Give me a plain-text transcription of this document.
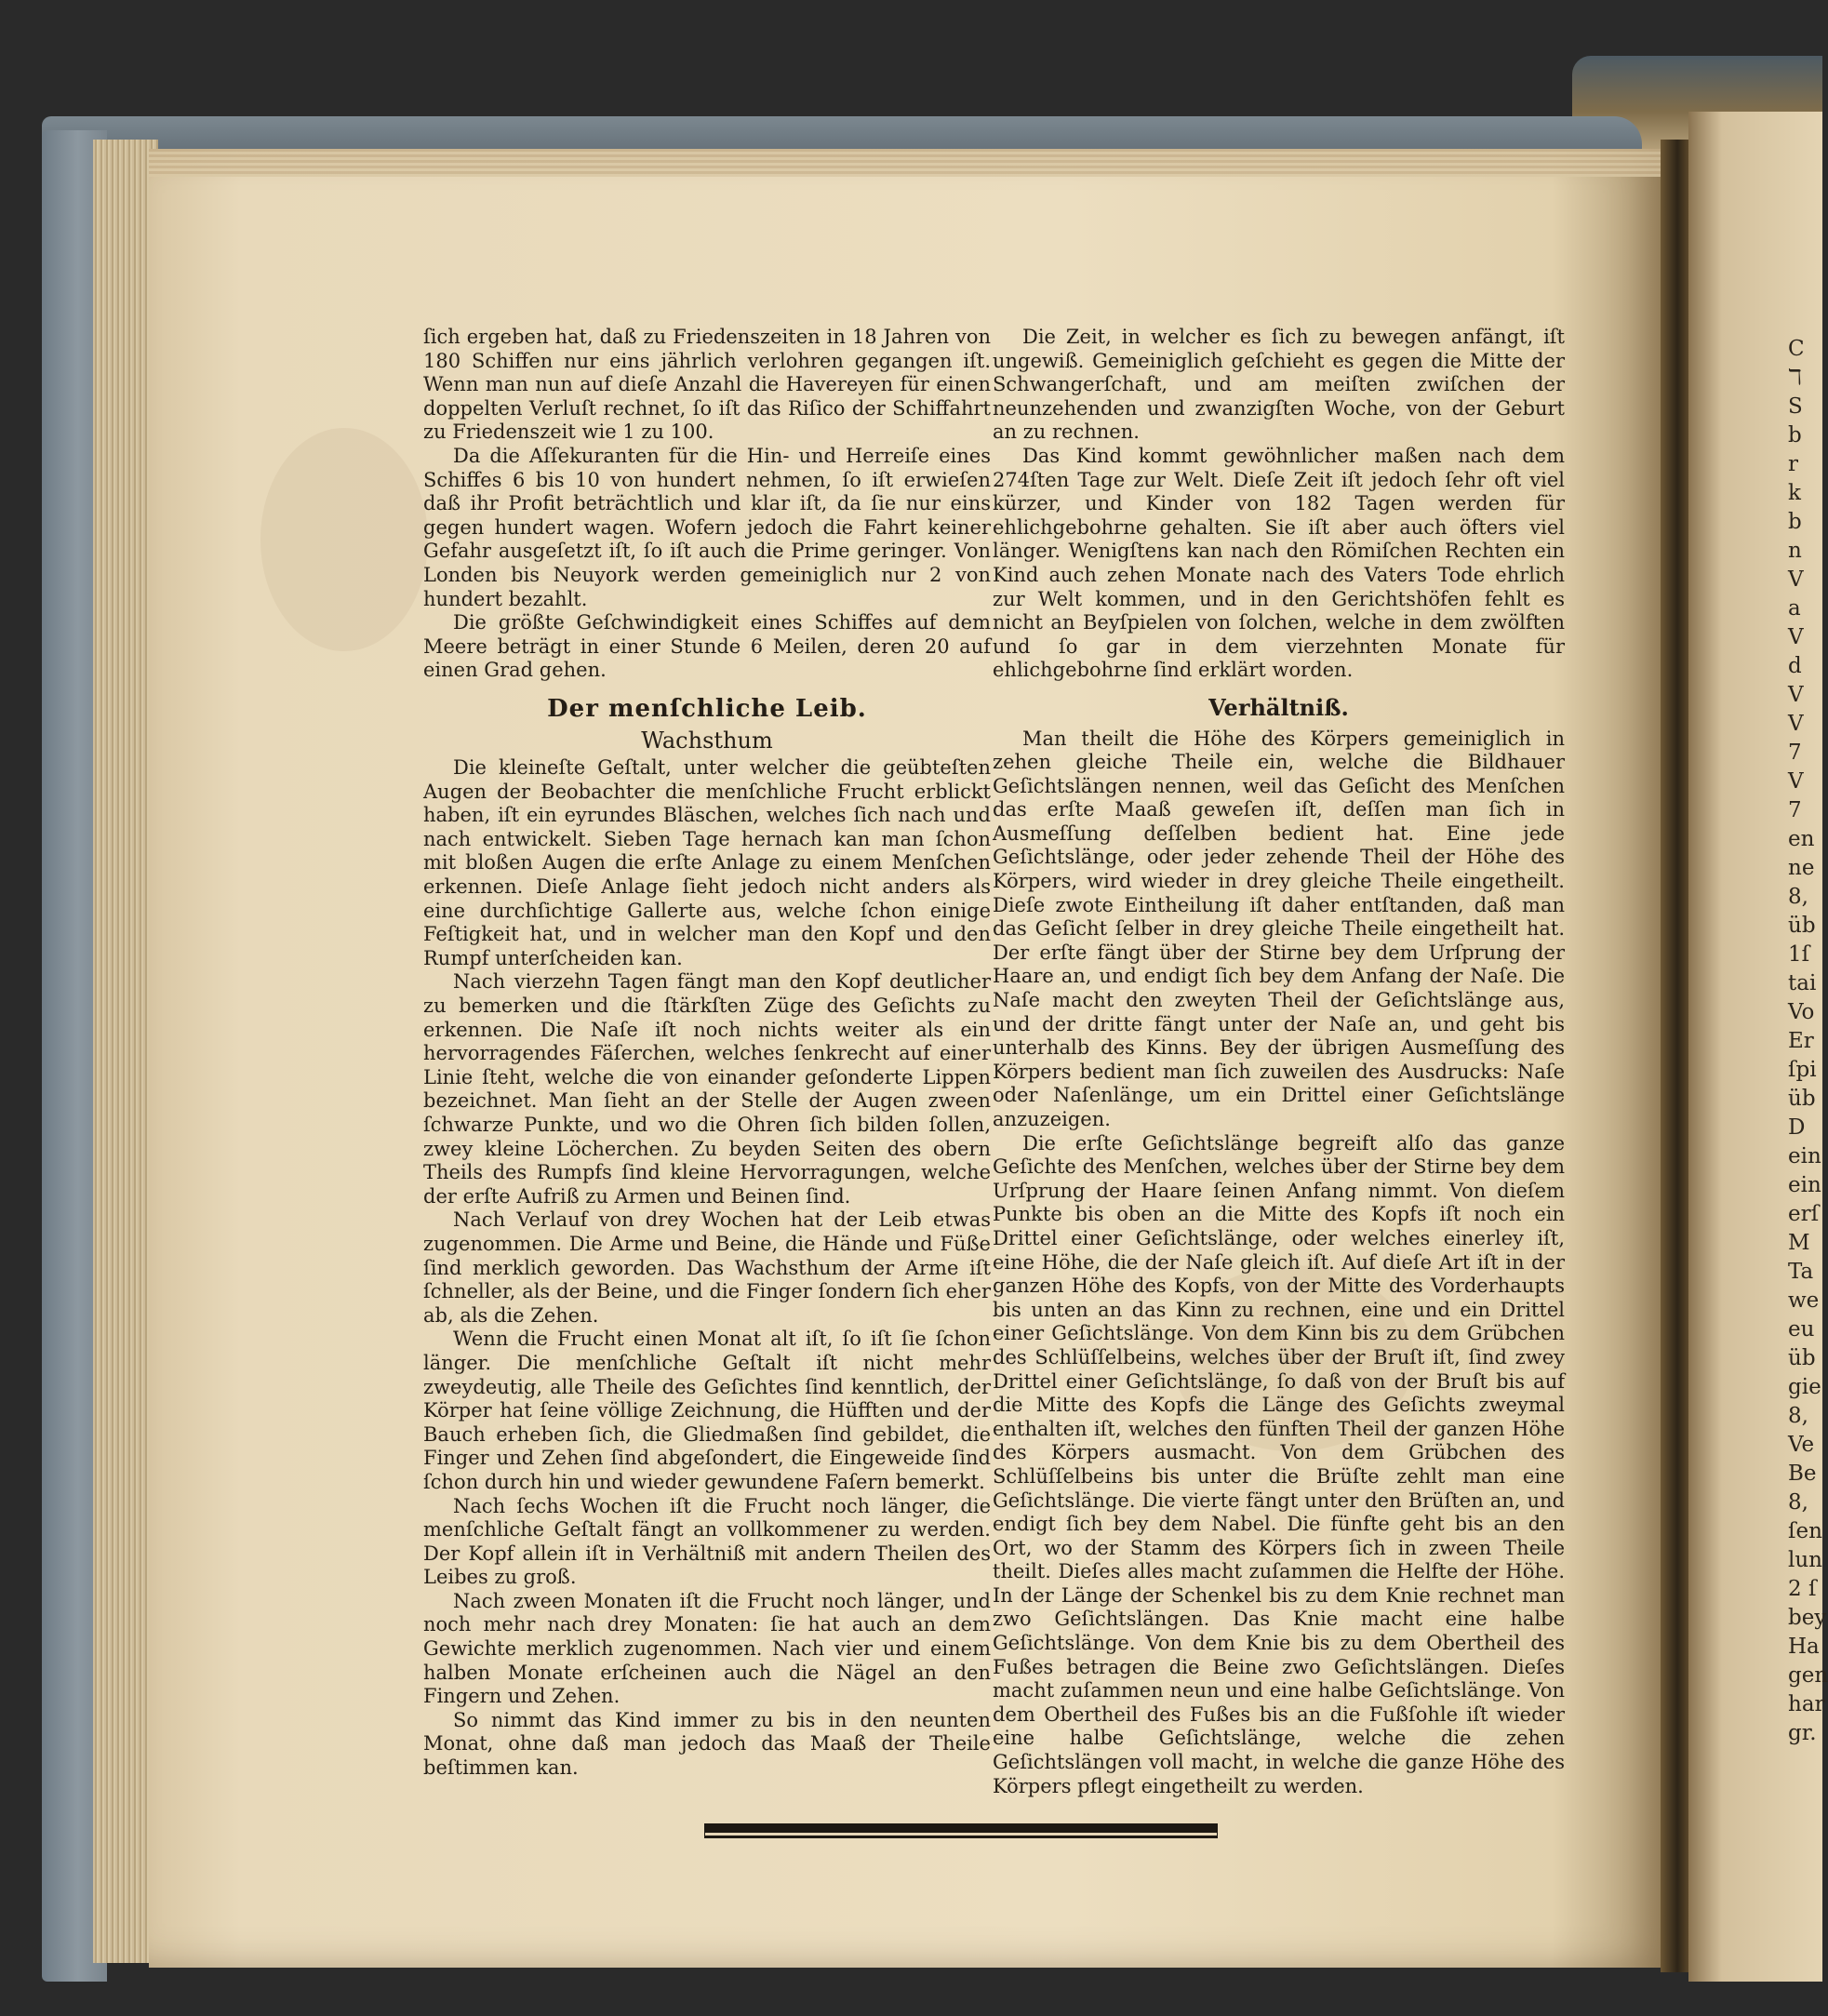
C
ℸ
S
b
r
k
b
n
V
a
V
d
V
V
7
V
7
en
ne
8,
üb
1ſ
tai
Vo
Er
ſpi
üb
D
ein
ein
erſ
M
Ta
we
eu
üb
gie
8,
Ve
Be
8,
ſen
lun
2 ſ
bey
Ha
gen
har
gr.

ſich ergeben hat, daß zu Friedenszeiten in 18 Jahren von 180 Schiffen nur eins jährlich verlohren gegangen iſt. Wenn man nun auf dieſe Anzahl die Havereyen für einen doppelten Verluſt rechnet, ſo iſt das Riſico der Schiffahrt zu Friedenszeit wie 1 zu 100.

Da die Aſſekuranten für die Hin- und Herreiſe eines Schiffes 6 bis 10 von hundert nehmen, ſo iſt erwieſen daß ihr Profit beträchtlich und klar iſt, da ſie nur eins gegen hundert wagen. Wofern jedoch die Fahrt keiner Gefahr ausgeſetzt iſt, ſo iſt auch die Prime geringer. Von Londen bis Neuyork werden gemeiniglich nur 2 von hundert bezahlt.

Die größte Geſchwindigkeit eines Schiffes auf dem Meere beträgt in einer Stunde 6 Meilen, deren 20 auf einen Grad gehen.

Der menſchliche Leib.
Wachsthum

Die kleineſte Geſtalt, unter welcher die geübteſten Augen der Beobachter die menſchliche Frucht erblickt haben, iſt ein eyrundes Bläschen, welches ſich nach und nach entwickelt. Sieben Tage hernach kan man ſchon mit bloßen Augen die erſte Anlage zu einem Menſchen erkennen. Dieſe Anlage ſieht jedoch nicht anders als eine durchſichtige Gallerte aus, welche ſchon einige Feſtigkeit hat, und in welcher man den Kopf und den Rumpf unterſcheiden kan.

Nach vierzehn Tagen fängt man den Kopf deutlicher zu bemerken und die ſtärkſten Züge des Geſichts zu erkennen. Die Naſe iſt noch nichts weiter als ein hervorragendes Fäſerchen, welches ſenkrecht auf einer Linie ſteht, welche die von einander geſonderte Lippen bezeichnet. Man ſieht an der Stelle der Augen zween ſchwarze Punkte, und wo die Ohren ſich bilden ſollen, zwey kleine Löcherchen. Zu beyden Seiten des obern Theils des Rumpfs ſind kleine Hervorragungen, welche der erſte Aufriß zu Armen und Beinen ſind.

Nach Verlauf von drey Wochen hat der Leib etwas zugenommen. Die Arme und Beine, die Hände und Füße ſind merklich geworden. Das Wachsthum der Arme iſt ſchneller, als der Beine, und die Finger ſondern ſich eher ab, als die Zehen.

Wenn die Frucht einen Monat alt iſt, ſo iſt ſie ſchon länger. Die menſchliche Geſtalt iſt nicht mehr zweydeutig, alle Theile des Geſichtes ſind kenntlich, der Körper hat ſeine völlige Zeichnung, die Hüfften und der Bauch erheben ſich, die Gliedmaßen ſind gebildet, die Finger und Zehen ſind abgeſondert, die Eingeweide ſind ſchon durch hin und wieder gewundene Faſern bemerkt.

Nach ſechs Wochen iſt die Frucht noch länger, die menſchliche Geſtalt fängt an vollkommener zu werden. Der Kopf allein iſt in Verhältniß mit andern Theilen des Leibes zu groß.

Nach zween Monaten iſt die Frucht noch länger, und noch mehr nach drey Monaten: ſie hat auch an dem Gewichte merklich zugenommen. Nach vier und einem halben Monate erſcheinen auch die Nägel an den Fingern und Zehen.

So nimmt das Kind immer zu bis in den neunten Monat, ohne daß man jedoch das Maaß der Theile beſtimmen kan.

Die Zeit, in welcher es ſich zu bewegen anfängt, iſt ungewiß. Gemeiniglich geſchieht es gegen die Mitte der Schwangerſchaft, und am meiſten zwiſchen der neunzehenden und zwanzigſten Woche, von der Geburt an zu rechnen.

Das Kind kommt gewöhnlicher maßen nach dem 274ſten Tage zur Welt. Dieſe Zeit iſt jedoch ſehr oft viel kürzer, und Kinder von 182 Tagen werden für ehlichgebohrne gehalten. Sie iſt aber auch öfters viel länger. Wenigſtens kan nach den Römiſchen Rechten ein Kind auch zehen Monate nach des Vaters Tode ehrlich zur Welt kommen, und in den Gerichtshöfen fehlt es nicht an Beyſpielen von ſolchen, welche in dem zwölften und ſo gar in dem vierzehnten Monate für ehlichgebohrne ſind erklärt worden.

Verhältniß.

Man theilt die Höhe des Körpers gemeiniglich in zehen gleiche Theile ein, welche die Bildhauer Geſichtslängen nennen, weil das Geſicht des Menſchen das erſte Maaß geweſen iſt, deſſen man ſich in Ausmeſſung deſſelben bedient hat. Eine jede Geſichtslänge, oder jeder zehende Theil der Höhe des Körpers, wird wieder in drey gleiche Theile eingetheilt. Dieſe zwote Eintheilung iſt daher entſtanden, daß man das Geſicht ſelber in drey gleiche Theile eingetheilt hat. Der erſte fängt über der Stirne bey dem Urſprung der Haare an, und endigt ſich bey dem Anfang der Naſe. Die Naſe macht den zweyten Theil der Geſichtslänge aus, und der dritte fängt unter der Naſe an, und geht bis unterhalb des Kinns. Bey der übrigen Ausmeſſung des Körpers bedient man ſich zuweilen des Ausdrucks: Naſe oder Naſenlänge, um ein Drittel einer Geſichtslänge anzuzeigen.

Die erſte Geſichtslänge begreift alſo das ganze Geſichte des Menſchen, welches über der Stirne bey dem Urſprung der Haare ſeinen Anfang nimmt. Von dieſem Punkte bis oben an die Mitte des Kopfs iſt noch ein Drittel einer Geſichtslänge, oder welches einerley iſt, eine Höhe, die der Naſe gleich iſt. Auf dieſe Art iſt in der ganzen Höhe des Kopfs, von der Mitte des Vorderhaupts bis unten an das Kinn zu rechnen, eine und ein Drittel einer Geſichtslänge. Von dem Kinn bis zu dem Grübchen des Schlüſſelbeins, welches über der Bruſt iſt, ſind zwey Drittel einer Geſichtslänge, ſo daß von der Bruſt bis auf die Mitte des Kopfs die Länge des Geſichts zweymal enthalten iſt, welches den fünften Theil der ganzen Höhe des Körpers ausmacht. Von dem Grübchen des Schlüſſelbeins bis unter die Brüſte zehlt man eine Geſichtslänge. Die vierte fängt unter den Brüſten an, und endigt ſich bey dem Nabel. Die fünfte geht bis an den Ort, wo der Stamm des Körpers ſich in zween Theile theilt. Dieſes alles macht zuſammen die Helfte der Höhe. In der Länge der Schenkel bis zu dem Knie rechnet man zwo Geſichtslängen. Das Knie macht eine halbe Geſichtslänge. Von dem Knie bis zu dem Obertheil des Fußes betragen die Beine zwo Geſichtslängen. Dieſes macht zuſammen neun und eine halbe Geſichtslänge. Von dem Obertheil des Fußes bis an die Fußſohle iſt wieder eine halbe Geſichtslänge, welche die zehen Geſichtslängen voll macht, in welche die ganze Höhe des Körpers pflegt eingetheilt zu werden.
